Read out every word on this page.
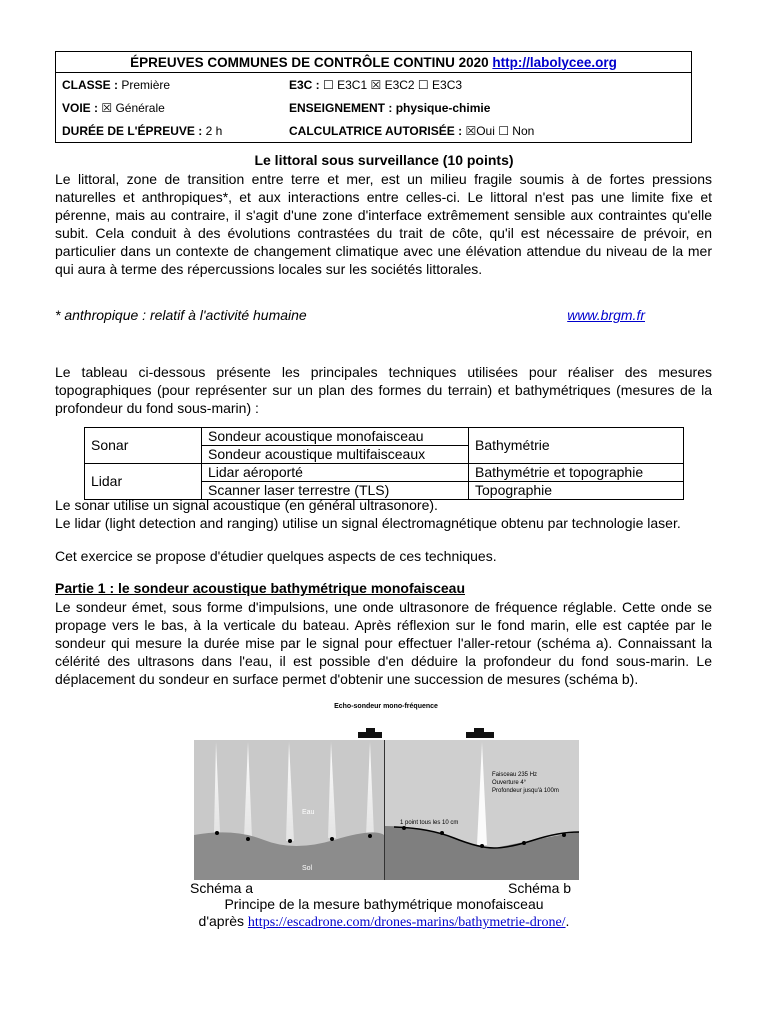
ÉPREUVES COMMUNES DE CONTRÔLE CONTINU 2020 http://labolycee.org	
CLASSE : Première	E3C : ☐ E3C1 ☒ E3C2 ☐ E3C3
VOIE : ☒ Générale	ENSEIGNEMENT : physique-chimie
DURÉE DE L'ÉPREUVE : 2 h	CALCULATRICE AUTORISÉE : ☒Oui ☐ Non
Le littoral sous surveillance (10 points)

Le littoral, zone de transition entre terre et mer, est un milieu fragile soumis à de fortes pressions naturelles et anthropiques*, et aux interactions entre celles-ci. Le littoral n'est pas une limite fixe et pérenne, mais au contraire, il s'agit d'une zone d'interface extrêmement sensible aux contraintes qu'elle subit. Cela conduit à des évolutions contrastées du trait de côte, qu'il est nécessaire de prévoir, en particulier dans un contexte de changement climatique avec une élévation attendue du niveau de la mer qui aura à terme des répercussions locales sur les sociétés littorales.

* anthropique : relatif à l'activité humaine	www.brgm.fr

Le tableau ci-dessous présente les principales techniques utilisées pour réaliser des mesures topographiques (pour représenter sur un plan des formes du terrain) et bathymétriques (mesures de la profondeur du fond sous-marin) :

Sonar	Sondeur acoustique monofaisceau	Bathymétrie
	Sondeur acoustique multifaisceaux	
Lidar	Lidar aéroporté	Bathymétrie et topographie
	Scanner laser terrestre (TLS)	Topographie

Le sonar utilise un signal acoustique (en général ultrasonore).

Le lidar (light detection and ranging) utilise un signal électromagnétique obtenu par technologie laser.

Cet exercice se propose d'étudier quelques aspects de ces techniques.

Partie 1 : le sondeur acoustique bathymétrique monofaisceau

Le sondeur émet, sous forme d'impulsions, une onde ultrasonore de fréquence réglable. Cette onde se propage vers le bas, à la verticale du bateau. Après réflexion sur le fond marin, elle est captée par le sondeur qui mesure la durée mise par le signal pour effectuer l'aller-retour (schéma a). Connaissant la célérité des ultrasons dans l'eau, il est possible d'en déduire la profondeur du fond sous-marin. Le déplacement du sondeur en surface permet d'obtenir une succession de mesures (schéma b).

Echo-sondeur mono-fréquence
Eau
Sol
Faisceau 235 Hz
Ouverture 4°
Profondeur jusqu'à 100m
1 point tous les 10 cm
Schéma a	Schéma b
Principe de la mesure bathymétrique monofaisceau
d'après https://escadrone.com/drones-marins/bathymetrie-drone/.
